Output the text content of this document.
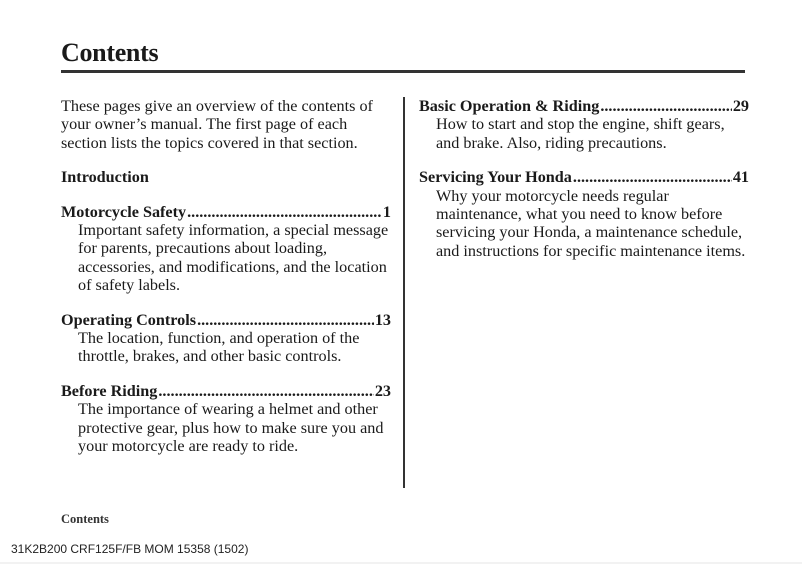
Contents

These pages give an overview of the contents of your owner’s manual. The first page of each section lists the topics covered in that section.

Introduction

Motorcycle Safety .....	1

Important safety information, a special message for parents, precautions about loading, accessories, and modifications, and the location of safety labels.

Operating Controls .....	13

The location, function, and operation of the throttle, brakes, and other basic controls.

Before Riding .....	23

The importance of wearing a helmet and other protective gear, plus how to make sure you and your motorcycle are ready to ride.

Basic Operation & Riding .....	29

How to start and stop the engine, shift gears, and brake. Also, riding precautions.

Servicing Your Honda .....	41

Why your motorcycle needs regular maintenance, what you need to know before servicing your Honda, a maintenance schedule, and instructions for specific maintenance items.

Contents
31K2B200 CRF125F/FB MOM 15358 (1502)
